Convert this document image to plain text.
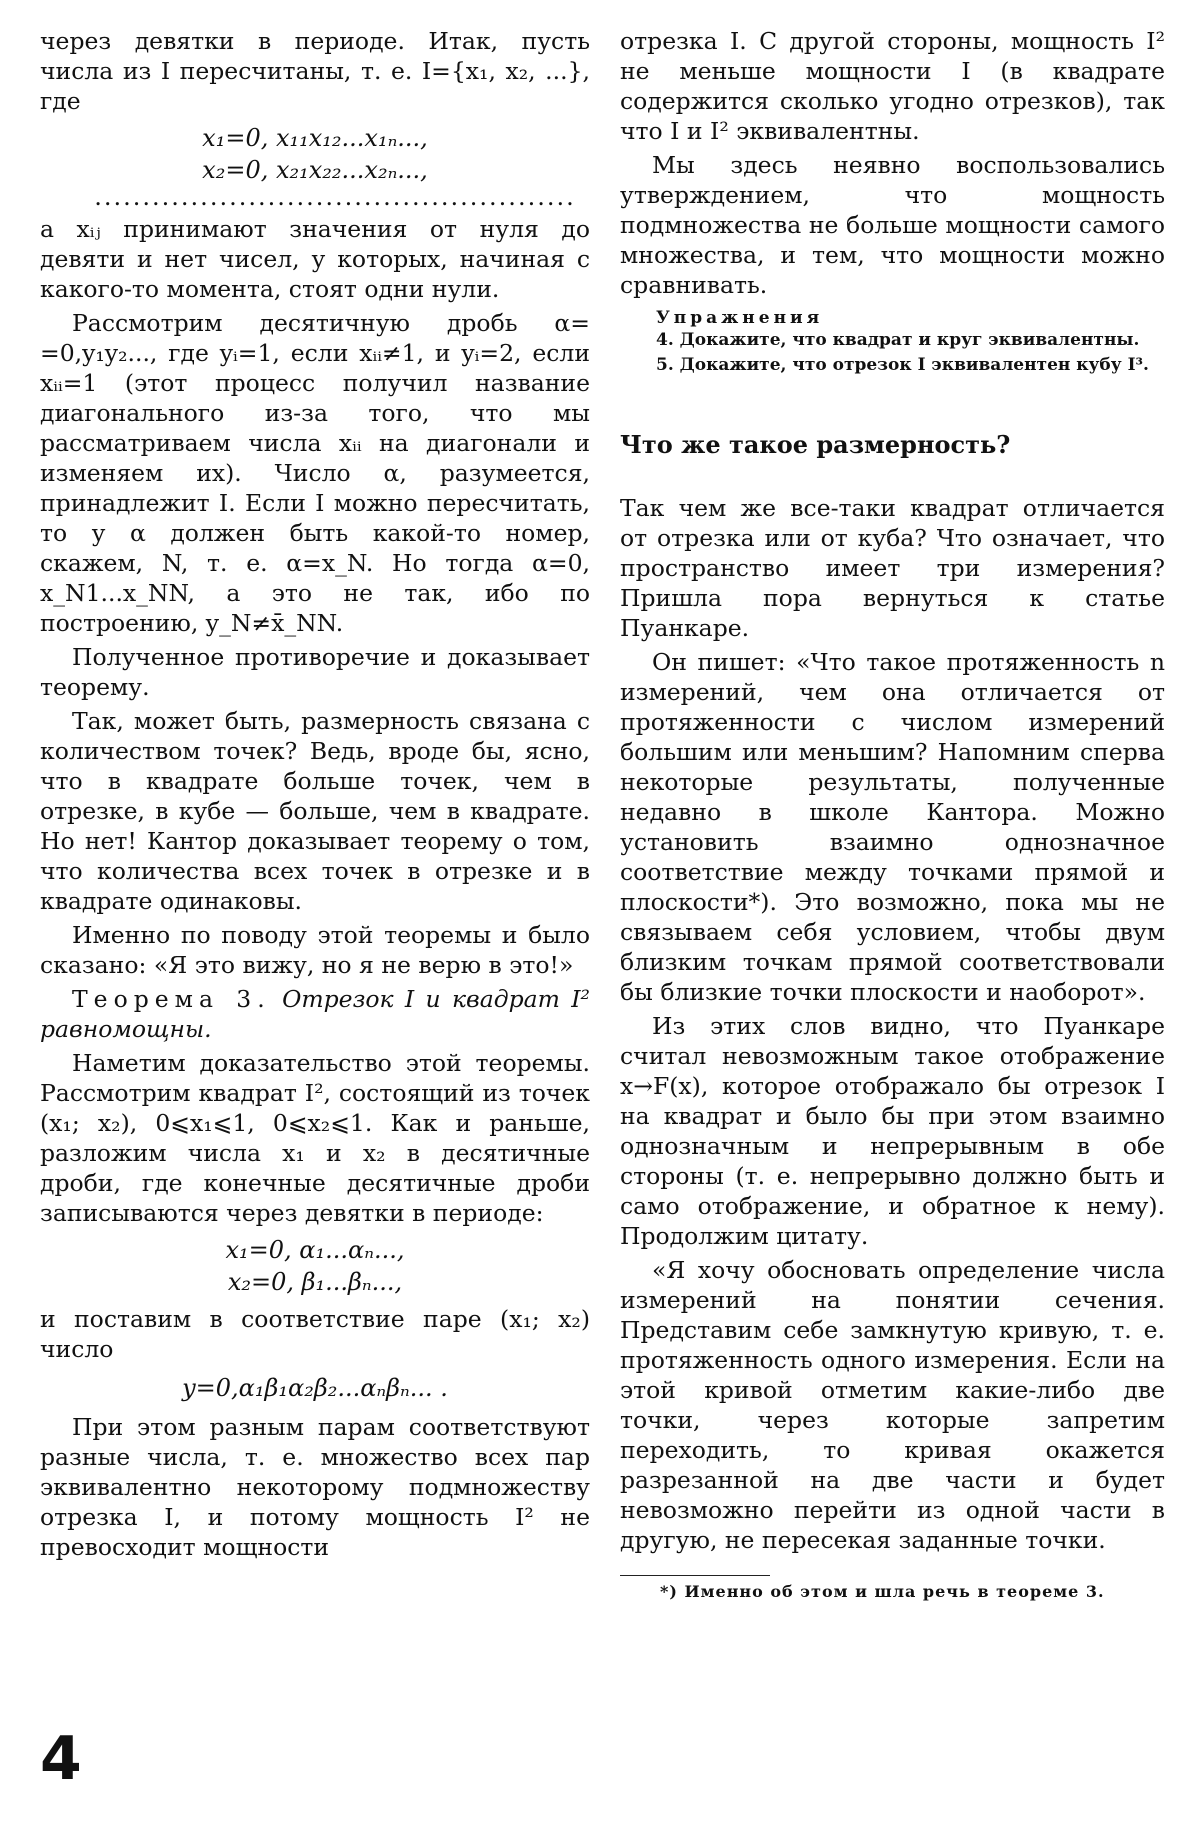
через девятки в периоде. Итак, пусть числа из I пересчитаны, т. е. I={x₁, x₂, ...}, где

x₁=0, x₁₁x₁₂...x₁ₙ...,
x₂=0, x₂₁x₂₂...x₂ₙ...,
..................................................

а xᵢⱼ принимают значения от нуля до девяти и нет чисел, у которых, начиная с какого-то момента, стоят одни нули.

Рассмотрим десятичную дробь α= =0,y₁y₂..., где yᵢ=1, если xᵢᵢ≠1, и yᵢ=2, если xᵢᵢ=1 (этот процесс получил название диагонального из-за того, что мы рассматриваем числа xᵢᵢ на диагонали и изменяем их). Число α, разумеется, принадлежит I. Если I можно пересчитать, то у α должен быть какой-то номер, скажем, N, т. е. α=x_N. Но тогда α=0, x_N1...x_NN, а это не так, ибо по построению, y_N≠x̄_NN.

Полученное противоречие и доказывает теорему.

Так, может быть, размерность связана с количеством точек? Ведь, вроде бы, ясно, что в квадрате больше точек, чем в отрезке, в кубе — больше, чем в квадрате. Но нет! Кантор доказывает теорему о том, что количества всех точек в отрезке и в квадрате одинаковы.

Именно по поводу этой теоремы и было сказано: «Я это вижу, но я не верю в это!»

Теорема 3. Отрезок I и квадрат I² равномощны.

Наметим доказательство этой теоремы. Рассмотрим квадрат I², состоящий из точек (x₁; x₂), 0⩽x₁⩽1, 0⩽x₂⩽1. Как и раньше, разложим числа x₁ и x₂ в десятичные дроби, где конечные десятичные дроби записываются через девятки в периоде:

x₁=0, α₁...αₙ...,
x₂=0, β₁...βₙ...,

и поставим в соответствие паре (x₁; x₂) число

y=0,α₁β₁α₂β₂...αₙβₙ... .

При этом разным парам соответствуют разные числа, т. е. множество всех пар эквивалентно некоторому подмножеству отрезка I, и потому мощность I² не превосходит мощности

отрезка I. С другой стороны, мощность I² не меньше мощности I (в квадрате содержится сколько угодно отрезков), так что I и I² эквивалентны.

Мы здесь неявно воспользовались утверждением, что мощность подмножества не больше мощности самого множества, и тем, что мощности можно сравнивать.

Упражнения

4. Докажите, что квадрат и круг эквивалентны.

5. Докажите, что отрезок I эквивалентен кубу I³.

Что же такое размерность?

Так чем же все-таки квадрат отличается от отрезка или от куба? Что означает, что пространство имеет три измерения? Пришла пора вернуться к статье Пуанкаре.

Он пишет: «Что такое протяженность n измерений, чем она отличается от протяженности с числом измерений большим или меньшим? Напомним сперва некоторые результаты, полученные недавно в школе Кантора. Можно установить взаимно однозначное соответствие между точками прямой и плоскости*). Это возможно, пока мы не связываем себя условием, чтобы двум близким точкам прямой соответствовали бы близкие точки плоскости и наоборот».

Из этих слов видно, что Пуанкаре считал невозможным такое отображение x→F(x), которое отображало бы отрезок I на квадрат и было бы при этом взаимно однозначным и непрерывным в обе стороны (т. е. непрерывно должно быть и само отображение, и обратное к нему). Продолжим цитату.

«Я хочу обосновать определение числа измерений на понятии сечения. Представим себе замкнутую кривую, т. е. протяженность одного измерения. Если на этой кривой отметим какие-либо две точки, через которые запретим переходить, то кривая окажется разрезанной на две части и будет невозможно перейти из одной части в другую, не пересекая заданные точки.

*) Именно об этом и шла речь в теореме 3.

4
